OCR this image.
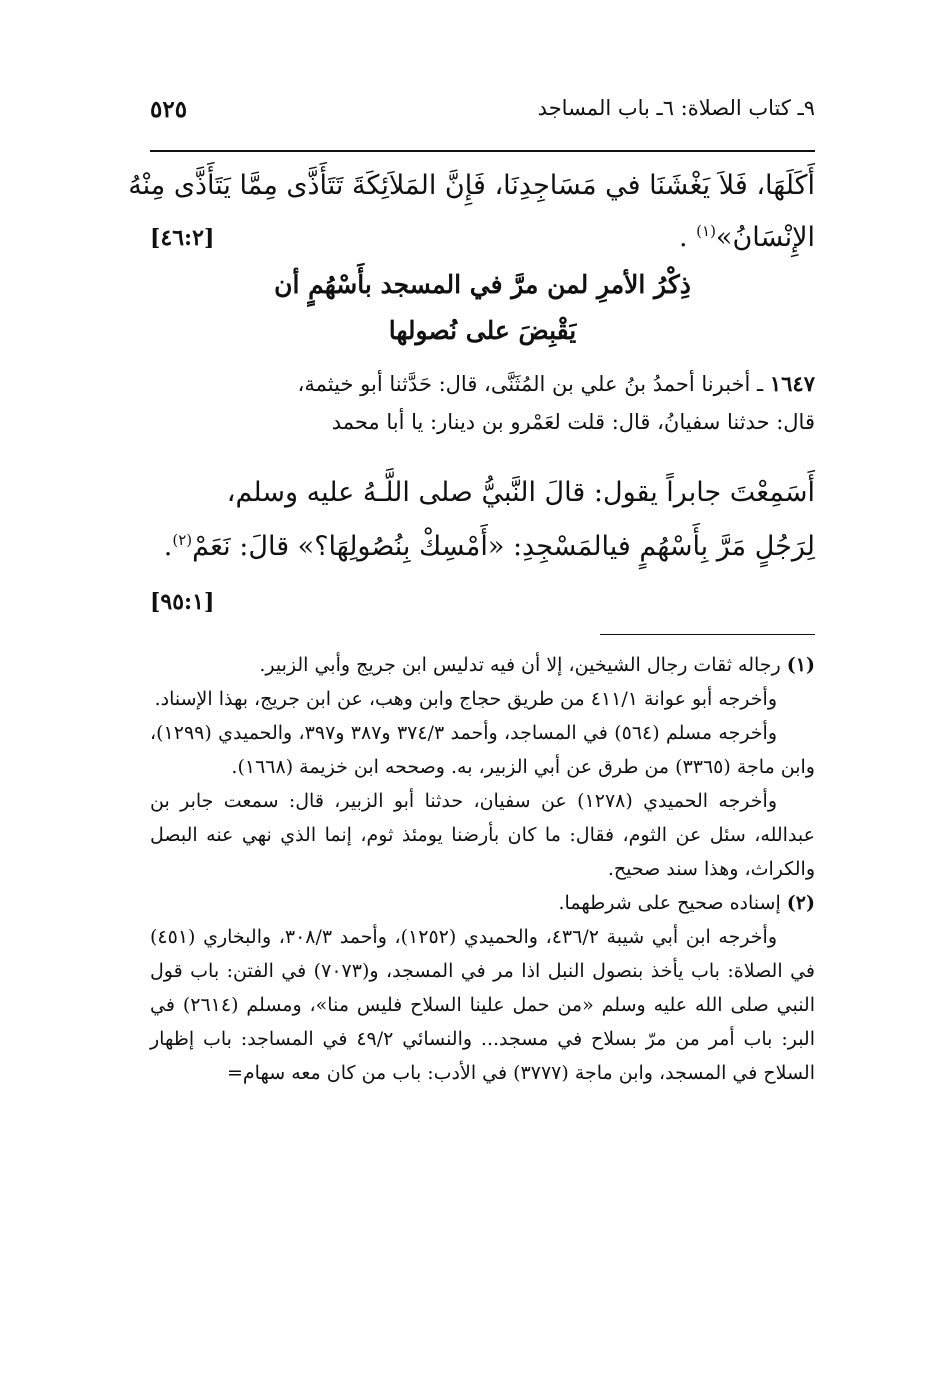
٩ـ كتاب الصلاة: ٦ـ باب المساجد
٥٢٥
أَكَلَهَا، فَلاَ يَغْشَنَا في مَسَاجِدِنَا، فَإِنَّ المَلاَئِكَةَ تَتَأَذَّى مِمَّا يَتَأَذَّى مِنْهُ
الإِنْسَانُ»$^{(١)}$ .
[٤٦:٢]
ذِكْرُ الأمرِ لمن مرَّ في المسجد بأَسْهُمٍ أن
يَقْبِضَ على نُصولها
١٦٤٧ ـ أخبرنا أحمدُ بنُ علي بن المُثَنَّى، قال: حَدَّثنا أبو خيثمة،
قال: حدثنا سفيانُ، قال: قلت لعَمْرو بن دينار: يا أبا محمد
أَسَمِعْتَ جابراً يقول: قالَ النَّبيُّ صلى اللَّـهُ عليه وسلم،
لِرَجُلٍ مَرَّ بِأَسْهُمٍ فيالمَسْجِدِ: «أَمْسِكْ بِنُصُولِهَا؟» قالَ: نَعَمْ$^{(٢)}$.
[٩٥:١]

(١) رجاله ثقات رجال الشيخين، إلا أن فيه تدليس ابن جريج وأبي الزبير.

وأخرجه أبو عوانة ٤١١/١ من طريق حجاج وابن وهب، عن ابن جريج، بهذا الإسناد.

وأخرجه مسلم (٥٦٤) في المساجد، وأحمد ٣٧٤/٣ و٣٨٧ و٣٩٧، والحميدي (١٢٩٩)، وابن ماجة (٣٣٦٥) من طرق عن أبي الزبير، به. وصححه ابن خزيمة (١٦٦٨).

وأخرجه الحميدي (١٢٧٨) عن سفيان، حدثنا أبو الزبير، قال: سمعت جابر بن عبدالله، سئل عن الثوم، فقال: ما كان بأرضنا يومئذ ثوم، إنما الذي نهي عنه البصل والكراث، وهذا سند صحيح.

(٢) إسناده صحيح على شرطهما.

وأخرجه ابن أبي شيبة ٤٣٦/٢، والحميدي (١٢٥٢)، وأحمد ٣٠٨/٣، والبخاري (٤٥١) في الصلاة: باب يأخذ بنصول النبل اذا مر في المسجد، و(٧٠٧٣) في الفتن: باب قول النبي صلى الله عليه وسلم «من حمل علينا السلاح فليس منا»، ومسلم (٢٦١٤) في البر: باب أمر من مرّ بسلاح في مسجد... والنسائي ٤٩/٢ في المساجد: باب إظهار السلاح في المسجد، وابن ماجة (٣٧٧٧) في الأدب: باب من كان معه سهام=
